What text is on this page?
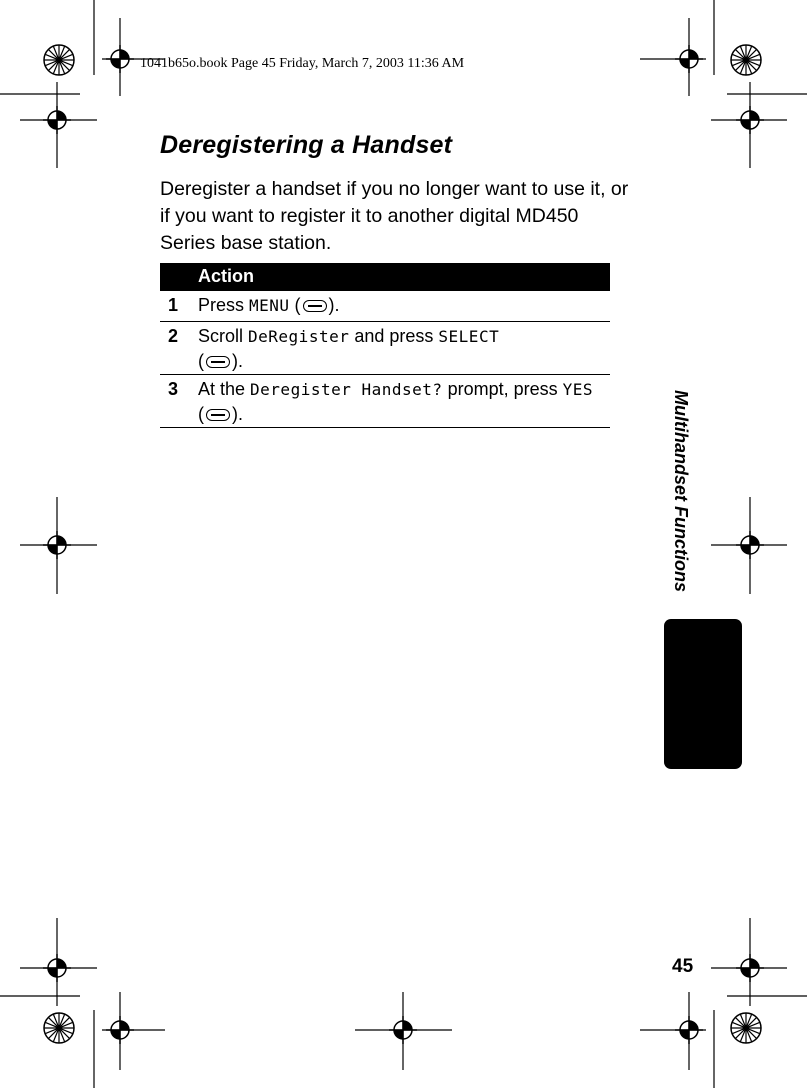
1041b65o.book Page 45 Friday, March 7, 2003 11:36 AM
Deregistering a Handset
Deregister a handset if you no longer want to use it, or if you want to register it to another digital MD450 Series base station.
Action
1 Press MENU ( ).
2 Scroll DeRegister and press SELECT
( ).
3 At the Deregister Handset? prompt, press YES ( ).	Multihandset Functions
45
